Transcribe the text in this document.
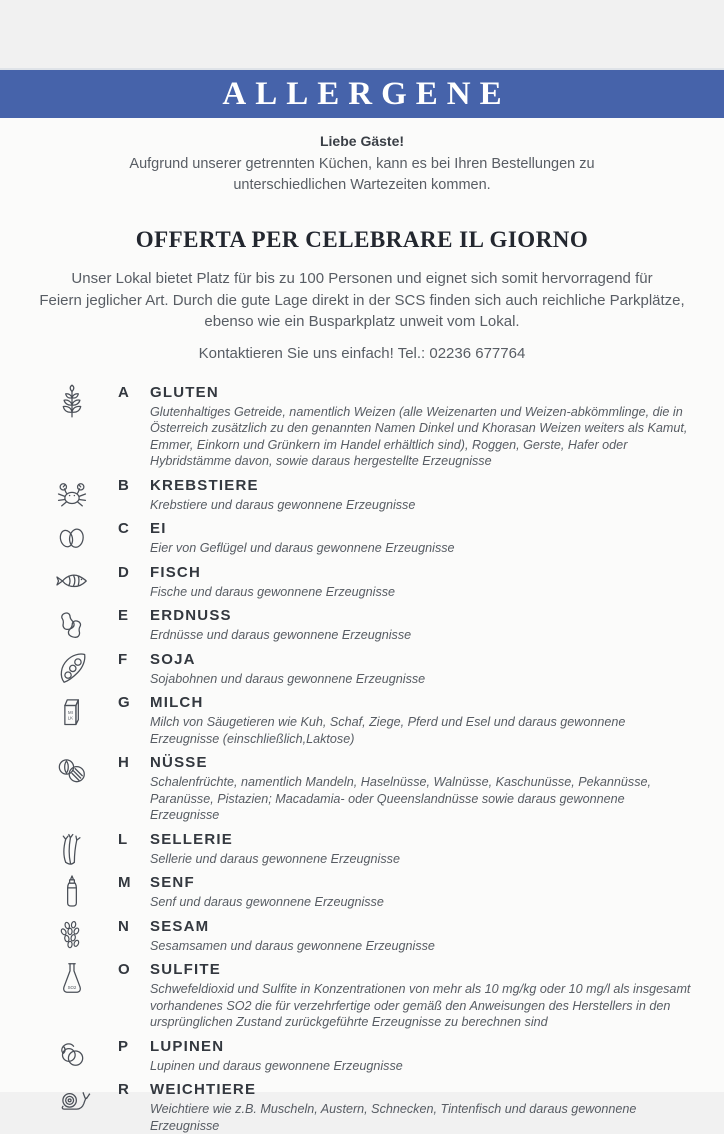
ALLERGENE
Liebe Gäste!
Aufgrund unserer getrennten Küchen, kann es bei Ihren Bestellungen zu
unterschiedlichen Wartezeiten kommen.
OFFERTA PER CELEBRARE IL GIORNO
Unser Lokal bietet Platz für bis zu 100 Personen und eignet sich somit hervorragend für
Feiern jeglicher Art. Durch die gute Lage direkt in der SCS finden sich auch reichliche Parkplätze,
ebenso wie ein Busparkplatz unweit vom Lokal.
Kontaktieren Sie uns einfach! Tel.: 02236 677764
A	GLUTEN
Glutenhaltiges Getreide, namentlich Weizen (alle Weizenarten und Weizen-abkömmlinge, die in Österreich zusätzlich zu den genannten Namen Dinkel und Khorasan Weizen weiters als Kamut, Emmer, Einkorn und Grünkern im Handel erhältlich sind), Roggen, Gerste, Hafer oder Hybridstämme davon, sowie daraus hergestellte Erzeugnisse
B	KREBSTIERE
Krebstiere und daraus gewonnene Erzeugnisse
C	EI
Eier von Geflügel und daraus gewonnene Erzeugnisse
D	FISCH
Fische und daraus gewonnene Erzeugnisse
E	ERDNUSS
Erdnüsse und daraus gewonnene Erzeugnisse
F	SOJA
Sojabohnen und daraus gewonnene Erzeugnisse
G	MILCH
Milch von Säugetieren wie Kuh, Schaf, Ziege, Pferd und Esel und daraus gewonnene Erzeugnisse (einschließlich,Laktose)
H	NÜSSE
Schalenfrüchte, namentlich Mandeln, Haselnüsse, Walnüsse, Kaschunüsse, Pekannüsse, Paranüsse, Pistazien; Macadamia- oder Queenslandnüsse sowie daraus gewonnene Erzeugnisse
L	SELLERIE
Sellerie und daraus gewonnene Erzeugnisse
M	SENF
Senf und daraus gewonnene Erzeugnisse
N	SESAM
Sesamsamen und daraus gewonnene Erzeugnisse
O	SULFITE
Schwefeldioxid und Sulfite in Konzentrationen von mehr als 10 mg/kg oder 10 mg/l als insgesamt vorhandenes SO2 die für verzehrfertige oder gemäß den Anweisungen des Herstellers in den ursprünglichen Zustand zurückgeführte Erzeugnisse zu berechnen sind
P	LUPINEN
Lupinen und daraus gewonnene Erzeugnisse
R	WEICHTIERE
Weichtiere wie z.B. Muscheln, Austern, Schnecken, Tintenfisch und daraus gewonnene Erzeugnisse
